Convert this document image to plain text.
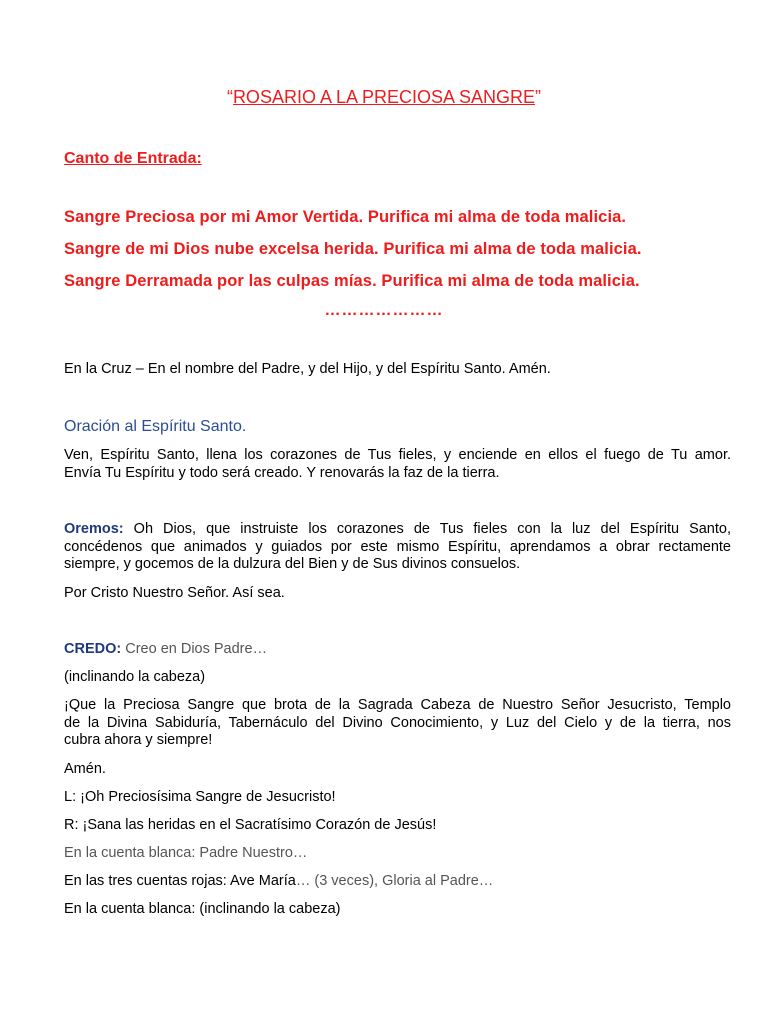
“ROSARIO A LA PRECIOSA SANGRE”
Canto de Entrada:
Sangre Preciosa por mi Amor Vertida. Purifica mi alma de toda malicia.
Sangre de mi Dios nube excelsa herida. Purifica mi alma de toda malicia.
Sangre Derramada por las culpas mías. Purifica mi alma de toda malicia.
…………………
En la Cruz – En el nombre del Padre, y del Hijo, y del Espíritu Santo. Amén.
Oración al Espíritu Santo.
Ven, Espíritu Santo, llena los corazones de Tus fieles, y enciende en ellos el fuego de Tu amor.
Envía Tu Espíritu y todo será creado. Y renovarás la faz de la tierra.
Oremos: Oh Dios, que instruiste los corazones de Tus fieles con la luz del Espíritu Santo,
concédenos que animados y guiados por este mismo Espíritu, aprendamos a obrar rectamente
siempre, y gocemos de la dulzura del Bien y de Sus divinos consuelos.
Por Cristo Nuestro Señor. Así sea.
CREDO: Creo en Dios Padre…
(inclinando la cabeza)
¡Que la Preciosa Sangre que brota de la Sagrada Cabeza de Nuestro Señor Jesucristo, Templo
de la Divina Sabiduría, Tabernáculo del Divino Conocimiento, y Luz del Cielo y de la tierra, nos
cubra ahora y siempre!
Amén.
L: ¡Oh Preciosísima Sangre de Jesucristo!
R: ¡Sana las heridas en el Sacratísimo Corazón de Jesús!
En la cuenta blanca: Padre Nuestro…
En las tres cuentas rojas: Ave María… (3 veces), Gloria al Padre…
En la cuenta blanca: (inclinando la cabeza)
